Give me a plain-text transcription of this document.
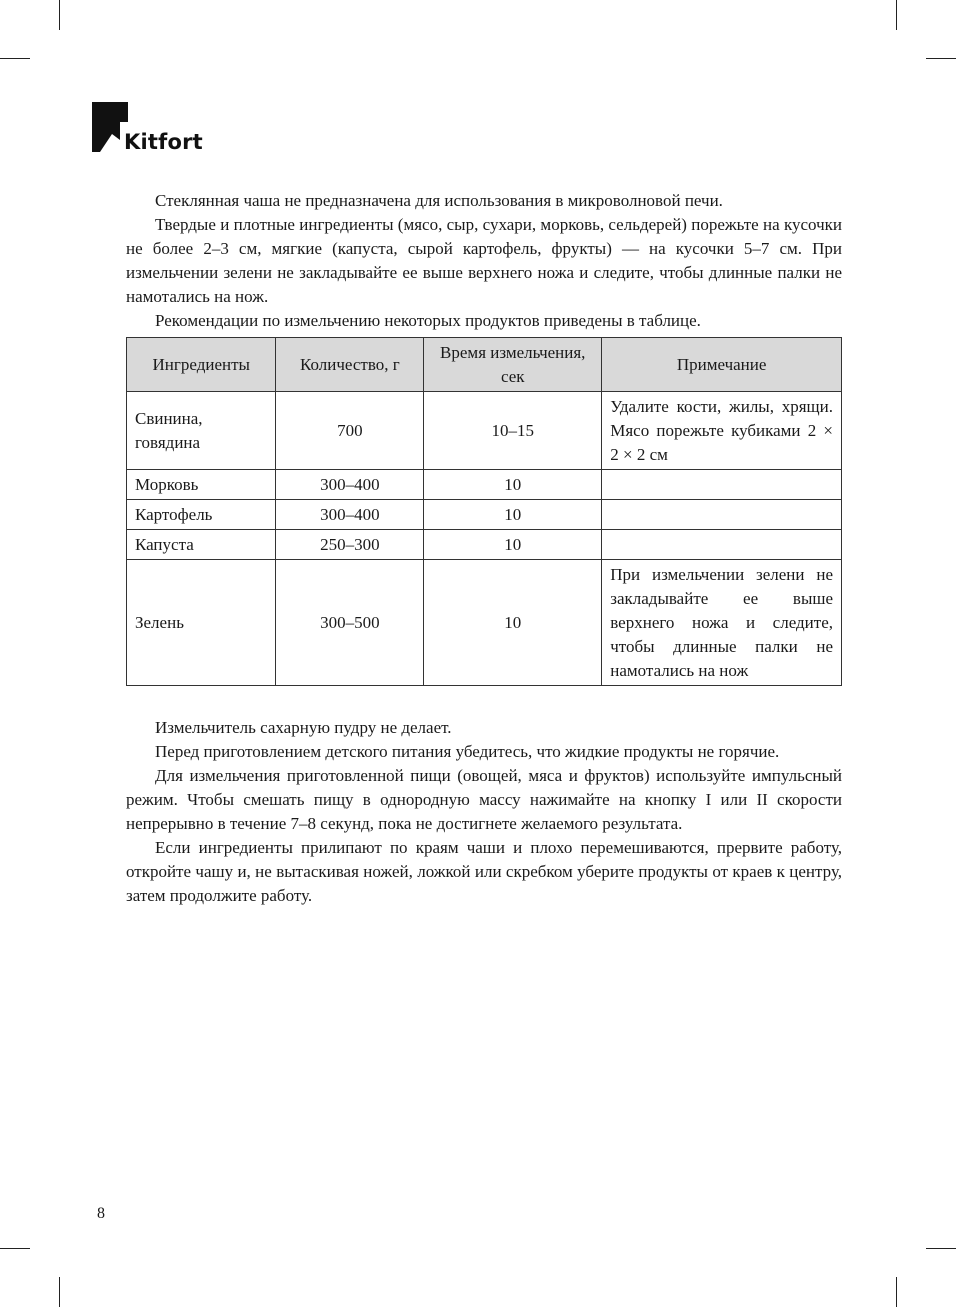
Kitfort

Стеклянная чаша не предназначена для использования в микроволновой печи.

Твердые и плотные ингредиенты (мясо, сыр, сухари, морковь, сельдерей) порежьте на кусочки не более 2–3 см, мягкие (капуста, сырой картофель, фрукты) — на кусочки 5–7 см. При измельчении зелени не закладывайте ее выше верхнего ножа и следите, чтобы длинные палки не намотались на нож.

Рекомендации по измельчению некоторых продуктов приведены в таблице.

Ингредиенты	Количество, г	Время измельчения, сек	Примечание
Свинина, говядина	700	10–15	Удалите кости, жилы, хрящи. Мясо порежьте кубиками 2 × 2 × 2 см
Морковь	300–400	10	
Картофель	300–400	10	
Капуста	250–300	10	
Зелень	300–500	10	При измельчении зелени не закладывайте ее выше верхнего ножа и следите, чтобы длинные палки не намотались на нож

Измельчитель сахарную пудру не делает.

Перед приготовлением детского питания убедитесь, что жидкие продукты не горячие.

Для измельчения приготовленной пищи (овощей, мяса и фруктов) используйте импульсный режим. Чтобы смешать пищу в однородную массу нажимайте на кнопку I или II скорости непрерывно в течение 7–8 секунд, пока не достигнете желаемого результата.

Если ингредиенты прилипают по краям чаши и плохо перемешиваются, прервите работу, откройте чашу и, не вытаскивая ножей, ложкой или скребком уберите продукты от краев к центру, затем продолжите работу.

8
